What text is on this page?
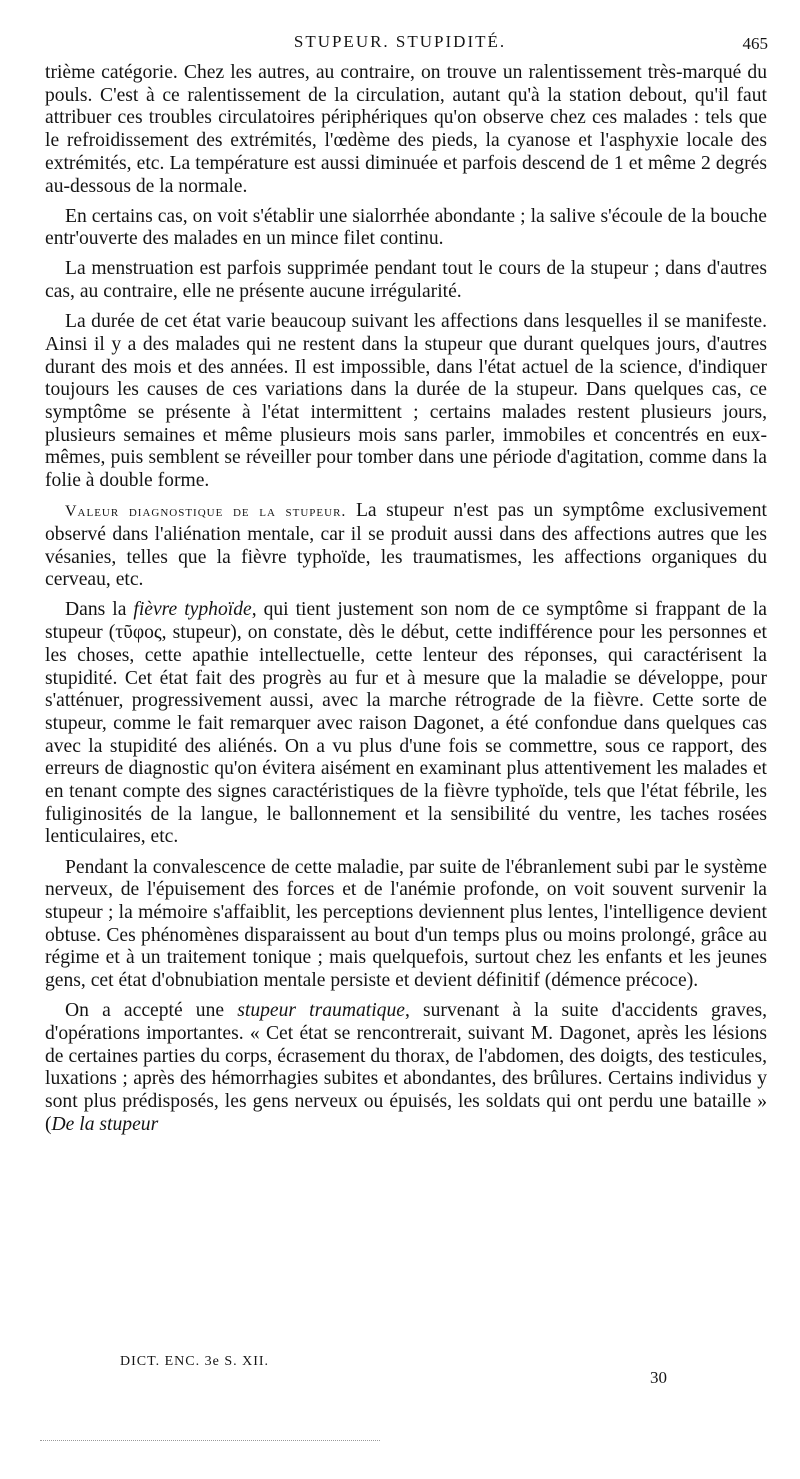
STUPEUR. STUPIDITÉ.	465

trième catégorie. Chez les autres, au contraire, on trouve un ralentissement très-marqué du pouls. C'est à ce ralentissement de la circulation, autant qu'à la station debout, qu'il faut attribuer ces troubles circulatoires périphériques qu'on observe chez ces malades : tels que le refroidissement des extrémités, l'œdème des pieds, la cyanose et l'asphyxie locale des extrémités, etc. La température est aussi diminuée et parfois descend de 1 et même 2 degrés au-dessous de la normale.

En certains cas, on voit s'établir une sialorrhée abondante ; la salive s'écoule de la bouche entr'ouverte des malades en un mince filet continu.

La menstruation est parfois supprimée pendant tout le cours de la stupeur ; dans d'autres cas, au contraire, elle ne présente aucune irrégularité.

La durée de cet état varie beaucoup suivant les affections dans lesquelles il se manifeste. Ainsi il y a des malades qui ne restent dans la stupeur que durant quelques jours, d'autres durant des mois et des années. Il est impossible, dans l'état actuel de la science, d'indiquer toujours les causes de ces variations dans la durée de la stupeur. Dans quelques cas, ce symptôme se présente à l'état intermittent ; certains malades restent plusieurs jours, plusieurs semaines et même plusieurs mois sans parler, immobiles et concentrés en eux-mêmes, puis semblent se réveiller pour tomber dans une période d'agitation, comme dans la folie à double forme.

Valeur diagnostique de la stupeur. La stupeur n'est pas un symptôme exclusivement observé dans l'aliénation mentale, car il se produit aussi dans des affections autres que les vésanies, telles que la fièvre typhoïde, les traumatismes, les affections organiques du cerveau, etc.

Dans la fièvre typhoïde, qui tient justement son nom de ce symptôme si frappant de la stupeur (τῦφος, stupeur), on constate, dès le début, cette indifférence pour les personnes et les choses, cette apathie intellectuelle, cette lenteur des réponses, qui caractérisent la stupidité. Cet état fait des progrès au fur et à mesure que la maladie se développe, pour s'atténuer, progressivement aussi, avec la marche rétrograde de la fièvre. Cette sorte de stupeur, comme le fait remarquer avec raison Dagonet, a été confondue dans quelques cas avec la stupidité des aliénés. On a vu plus d'une fois se commettre, sous ce rapport, des erreurs de diagnostic qu'on évitera aisément en examinant plus attentivement les malades et en tenant compte des signes caractéristiques de la fièvre typhoïde, tels que l'état fébrile, les fuliginosités de la langue, le ballonnement et la sensibilité du ventre, les taches rosées lenticulaires, etc.

Pendant la convalescence de cette maladie, par suite de l'ébranlement subi par le système nerveux, de l'épuisement des forces et de l'anémie profonde, on voit souvent survenir la stupeur ; la mémoire s'affaiblit, les perceptions deviennent plus lentes, l'intelligence devient obtuse. Ces phénomènes disparaissent au bout d'un temps plus ou moins prolongé, grâce au régime et à un traitement tonique ; mais quelquefois, surtout chez les enfants et les jeunes gens, cet état d'obnubiation mentale persiste et devient définitif (démence précoce).

On a accepté une stupeur traumatique, survenant à la suite d'accidents graves, d'opérations importantes. « Cet état se rencontrerait, suivant M. Dagonet, après les lésions de certaines parties du corps, écrasement du thorax, de l'abdomen, des doigts, des testicules, luxations ; après des hémorrhagies subites et abondantes, des brûlures. Certains individus y sont plus prédisposés, les gens nerveux ou épuisés, les soldats qui ont perdu une bataille » (De la stupeur

DICT. ENC. 3e S. XII.
30
